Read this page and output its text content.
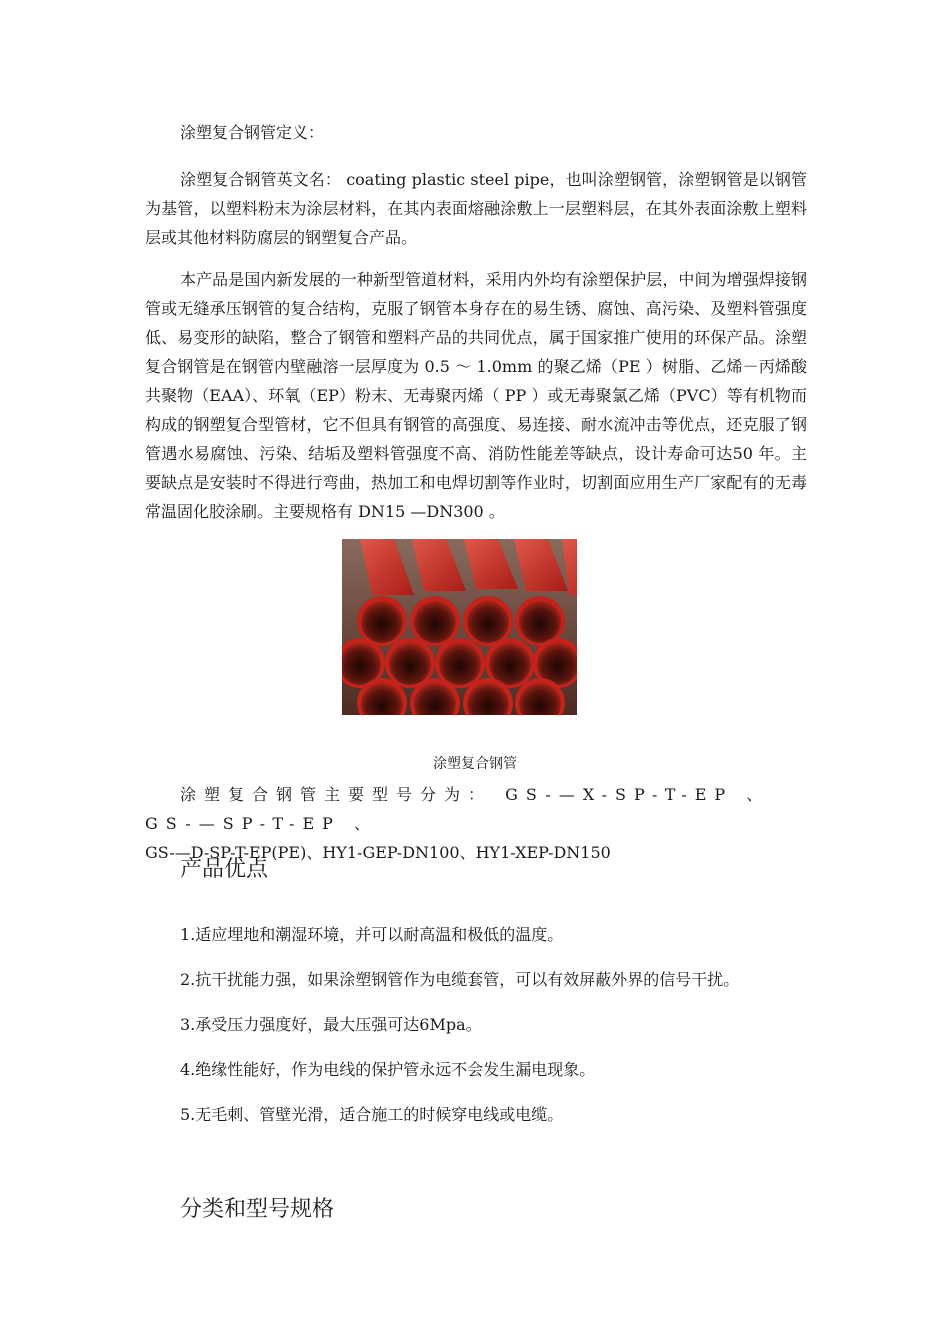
涂塑复合钢管定义：

涂塑复合钢管英文名： coating plastic steel pipe，也叫涂塑钢管，涂塑钢管是以钢管为基管，以塑料粉末为涂层材料，在其内表面熔融涂敷上一层塑料层，在其外表面涂敷上塑料层或其他材料防腐层的钢塑复合产品。

本产品是国内新发展的一种新型管道材料，采用内外均有涂塑保护层，中间为增强焊接钢管或无缝承压钢管的复合结构，克服了钢管本身存在的易生锈、腐蚀、高污染、及塑料管强度低、易变形的缺陷，整合了钢管和塑料产品的共同优点，属于国家推广使用的环保产品。涂塑复合钢管是在钢管内壁融溶一层厚度为 0.5 ～ 1.0mm 的聚乙烯（PE ）树脂、乙烯－丙烯酸共聚物（EAA）、环氧（EP）粉末、无毒聚丙烯（ PP ）或无毒聚氯乙烯（PVC）等有机物而构成的钢塑复合型管材，它不但具有钢管的高强度、易连接、耐水流冲击等优点，还克服了钢管遇水易腐蚀、污染、结垢及塑料管强度不高、消防性能差等缺点，设计寿命可达50 年。主要缺点是安装时不得进行弯曲，热加工和电焊切割等作业时，切割面应用生产厂家配有的无毒常温固化胶涂刷。主要规格有 DN15 —DN300 。

涂塑复合钢管

涂塑复合钢管主要型号分为： GS-—X-SP-T-EP 、 GS-—SP-T-EP 、
GS-—D-SP-T-EP(PE)、HY1-GEP-DN100、HY1-XEP-DN150

产品优点

1.适应埋地和潮湿环境，并可以耐高温和极低的温度。

2.抗干扰能力强，如果涂塑钢管作为电缆套管，可以有效屏蔽外界的信号干扰。

3.承受压力强度好，最大压强可达6Mpa。

4.绝缘性能好，作为电线的保护管永远不会发生漏电现象。

5.无毛刺、管壁光滑，适合施工的时候穿电线或电缆。

分类和型号规格
